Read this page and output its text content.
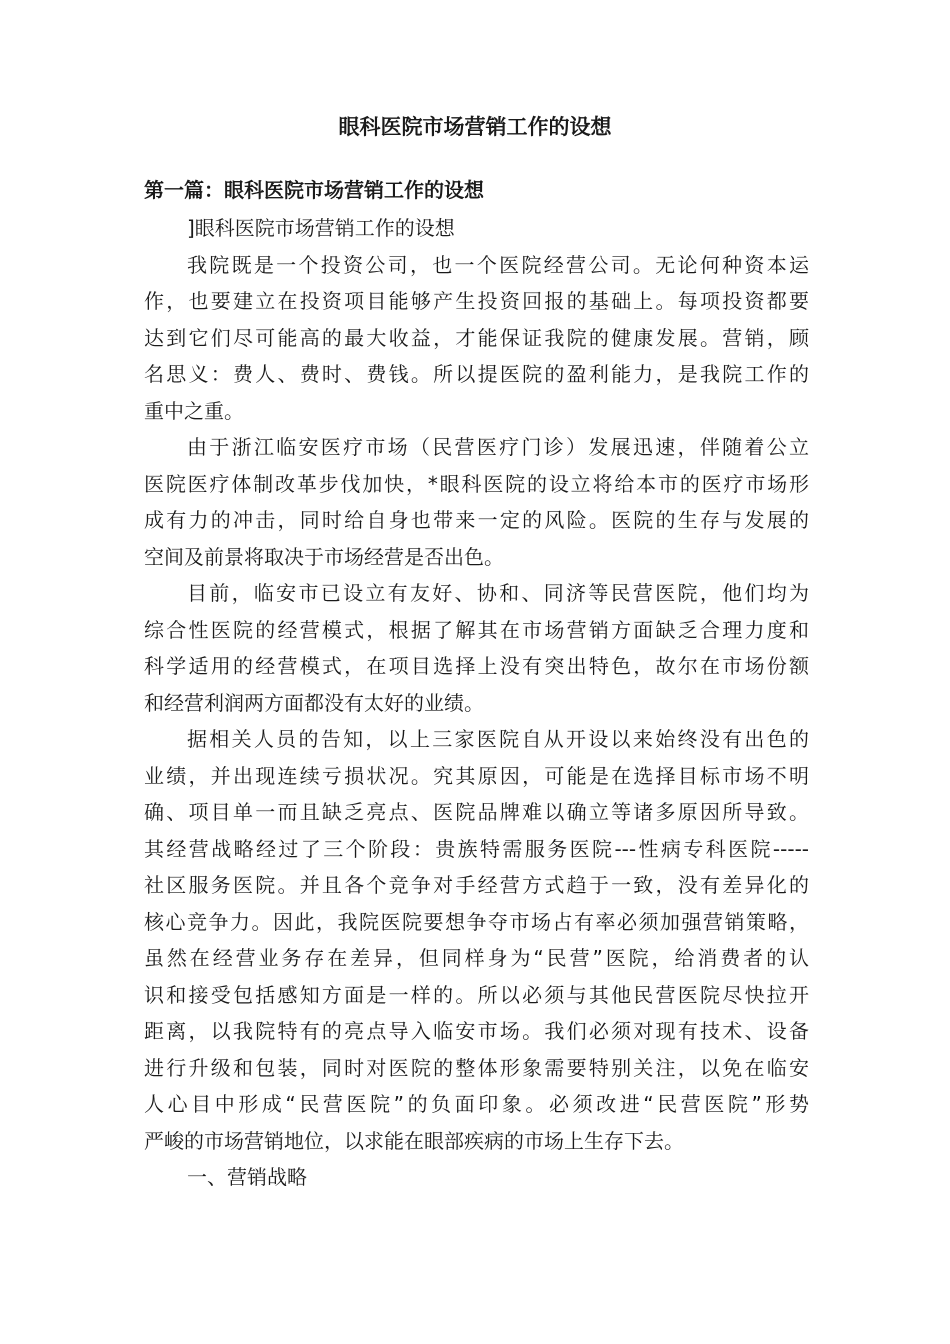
眼科医院市场营销工作的设想
第一篇：眼科医院市场营销工作的设想
]眼科医院市场营销工作的设想
我院既是一个投资公司，也一个医院经营公司。无论何种资本运
作，也要建立在投资项目能够产生投资回报的基础上。每项投资都要
达到它们尽可能高的最大收益，才能保证我院的健康发展。营销，顾
名思义：费人、费时、费钱。所以提医院的盈利能力，是我院工作的
重中之重。
由于浙江临安医疗市场（民营医疗门诊）发展迅速，伴随着公立
医院医疗体制改革步伐加快，*眼科医院的设立将给本市的医疗市场形
成有力的冲击，同时给自身也带来一定的风险。医院的生存与发展的
空间及前景将取决于市场经营是否出色。
目前，临安市已设立有友好、协和、同济等民营医院，他们均为
综合性医院的经营模式，根据了解其在市场营销方面缺乏合理力度和
科学适用的经营模式，在项目选择上没有突出特色，故尔在市场份额
和经营利润两方面都没有太好的业绩。
据相关人员的告知，以上三家医院自从开设以来始终没有出色的
业绩，并出现连续亏损状况。究其原因，可能是在选择目标市场不明
确、项目单一而且缺乏亮点、医院品牌难以确立等诸多原因所导致。
其经营战略经过了三个阶段：贵族特需服务医院---性病专科医院-----
社区服务医院。并且各个竞争对手经营方式趋于一致，没有差异化的
核心竞争力。因此，我院医院要想争夺市场占有率必须加强营销策略，
虽然在经营业务存在差异，但同样身为“民营”医院，给消费者的认
识和接受包括感知方面是一样的。所以必须与其他民营医院尽快拉开
距离，以我院特有的亮点导入临安市场。我们必须对现有技术、设备
进行升级和包装，同时对医院的整体形象需要特别关注，以免在临安
人心目中形成“民营医院”的负面印象。必须改进“民营医院”形势
严峻的市场营销地位，以求能在眼部疾病的市场上生存下去。
一、营销战略
